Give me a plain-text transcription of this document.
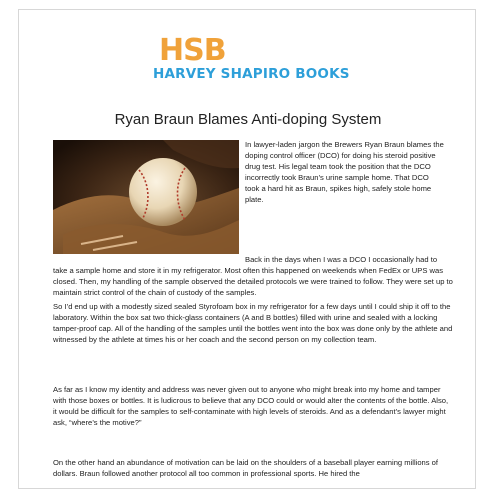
HSB
HARVEY SHAPIRO BOOKS
Ryan Braun Blames Anti-doping System

In lawyer-laden jargon the Brewers Ryan Braun blames the doping control officer (DCO) for doing his steroid positive drug test. His legal team took the position that the DCO incorrectly took Braun’s urine sample home. That DCO took a hard hit as Braun, spikes high, safely stole home plate.

Back in the days when I was a DCO I occasionally had to take a sample home and store it in my refrigerator. Most often this happened on weekends when FedEx or UPS was closed. Then, my handling of the sample observed the detailed protocols we were trained to follow. They were set up to maintain strict control of the chain of custody of the samples.

So I’d end up with a modestly sized sealed Styrofoam box in my refrigerator for a few days until I could ship it off to the laboratory. Within the box sat two thick-glass containers (A and B bottles) filled with urine and sealed with a locking tamper-proof cap. All of the handling of the samples until the bottles went into the box was done only by the athlete and witnessed by the athlete at times his or her coach and the second person on my collection team.

As far as I know my identity and address was never given out to anyone who might break into my home and tamper with those boxes or bottles. It is ludicrous to believe that any DCO could or would alter the contents of the bottle. Also, it would be difficult for the samples to self-contaminate with high levels of steroids. And as a defendant’s lawyer might ask, “where’s the motive?”

On the other hand an abundance of motivation can be laid on the shoulders of a baseball player earning millions of dollars. Braun followed another protocol all too common in professional sports. He hired the
